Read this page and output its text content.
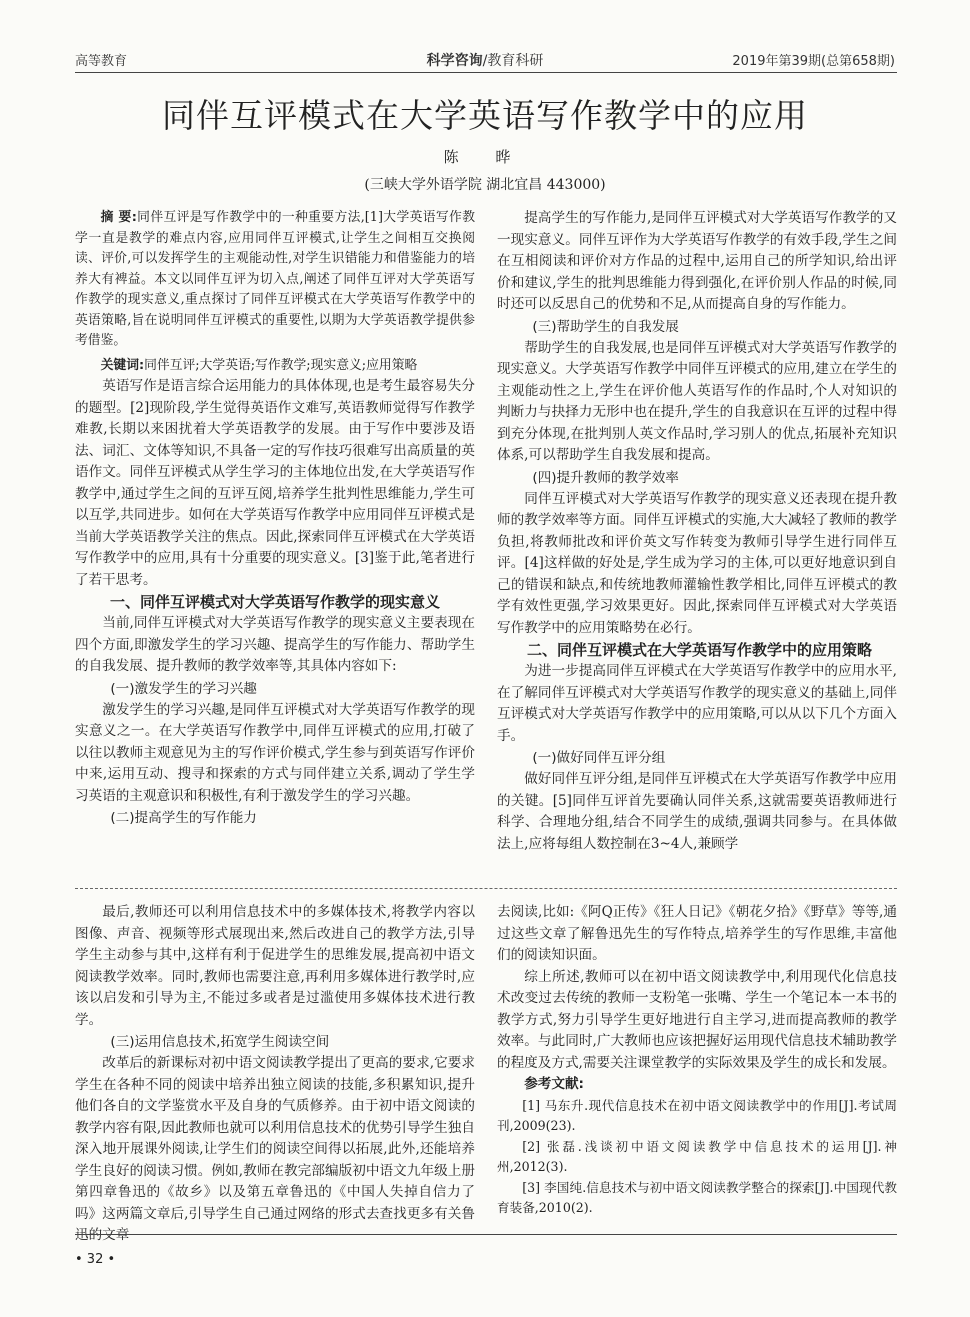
高等教育	科学咨询/教育科研	2019年第39期(总第658期)
同伴互评模式在大学英语写作教学中的应用
陈 晔
(三峡大学外语学院 湖北宜昌 443000)

摘 要:同伴互评是写作教学中的一种重要方法,[1]大学英语写作教学一直是教学的难点内容,应用同伴互评模式,让学生之间相互交换阅读、评价,可以发挥学生的主观能动性,对学生识错能力和借鉴能力的培养大有裨益。本文以同伴互评为切入点,阐述了同伴互评对大学英语写作教学的现实意义,重点探讨了同伴互评模式在大学英语写作教学中的英语策略,旨在说明同伴互评模式的重要性,以期为大学英语教学提供参考借鉴。

关键词:同伴互评;大学英语;写作教学;现实意义;应用策略

英语写作是语言综合运用能力的具体体现,也是考生最容易失分的题型。[2]现阶段,学生觉得英语作文难写,英语教师觉得写作教学难教,长期以来困扰着大学英语教学的发展。由于写作中要涉及语法、词汇、文体等知识,不具备一定的写作技巧很难写出高质量的英语作文。同伴互评模式从学生学习的主体地位出发,在大学英语写作教学中,通过学生之间的互评互阅,培养学生批判性思维能力,学生可以互学,共同进步。如何在大学英语写作教学中应用同伴互评模式是当前大学英语教学关注的焦点。因此,探索同伴互评模式在大学英语写作教学中的应用,具有十分重要的现实意义。[3]鉴于此,笔者进行了若干思考。

一、同伴互评模式对大学英语写作教学的现实意义

当前,同伴互评模式对大学英语写作教学的现实意义主要表现在四个方面,即激发学生的学习兴趣、提高学生的写作能力、帮助学生的自我发展、提升教师的教学效率等,其具体内容如下:

(一)激发学生的学习兴趣

激发学生的学习兴趣,是同伴互评模式对大学英语写作教学的现实意义之一。在大学英语写作教学中,同伴互评模式的应用,打破了以往以教师主观意见为主的写作评价模式,学生参与到英语写作评价中来,运用互动、搜寻和探索的方式与同伴建立关系,调动了学生学习英语的主观意识和积极性,有利于激发学生的学习兴趣。

(二)提高学生的写作能力

提高学生的写作能力,是同伴互评模式对大学英语写作教学的又一现实意义。同伴互评作为大学英语写作教学的有效手段,学生之间在互相阅读和评价对方作品的过程中,运用自己的所学知识,给出评价和建议,学生的批判思维能力得到强化,在评价别人作品的时候,同时还可以反思自己的优势和不足,从而提高自身的写作能力。

(三)帮助学生的自我发展

帮助学生的自我发展,也是同伴互评模式对大学英语写作教学的现实意义。大学英语写作教学中同伴互评模式的应用,建立在学生的主观能动性之上,学生在评价他人英语写作的作品时,个人对知识的判断力与抉择力无形中也在提升,学生的自我意识在互评的过程中得到充分体现,在批判别人英文作品时,学习别人的优点,拓展补充知识体系,可以帮助学生自我发展和提高。

(四)提升教师的教学效率

同伴互评模式对大学英语写作教学的现实意义还表现在提升教师的教学效率等方面。同伴互评模式的实施,大大减轻了教师的教学负担,将教师批改和评价英文写作转变为教师引导学生进行同伴互评。[4]这样做的好处是,学生成为学习的主体,可以更好地意识到自己的错误和缺点,和传统地教师灌输性教学相比,同伴互评模式的教学有效性更强,学习效果更好。因此,探索同伴互评模式对大学英语写作教学中的应用策略势在必行。

二、同伴互评模式在大学英语写作教学中的应用策略

为进一步提高同伴互评模式在大学英语写作教学中的应用水平,在了解同伴互评模式对大学英语写作教学的现实意义的基础上,同伴互评模式对大学英语写作教学中的应用策略,可以从以下几个方面入手。

(一)做好同伴互评分组

做好同伴互评分组,是同伴互评模式在大学英语写作教学中应用的关键。[5]同伴互评首先要确认同伴关系,这就需要英语教师进行科学、合理地分组,结合不同学生的成绩,强调共同参与。在具体做法上,应将每组人数控制在3~4人,兼顾学

最后,教师还可以利用信息技术中的多媒体技术,将教学内容以图像、声音、视频等形式展现出来,然后改进自己的教学方法,引导学生主动参与其中,这样有利于促进学生的思维发展,提高初中语文阅读教学效率。同时,教师也需要注意,再利用多媒体进行教学时,应该以启发和引导为主,不能过多或者是过滥使用多媒体技术进行教学。

(三)运用信息技术,拓宽学生阅读空间

改革后的新课标对初中语文阅读教学提出了更高的要求,它要求学生在各种不同的阅读中培养出独立阅读的技能,多积累知识,提升他们各自的文学鉴赏水平及自身的气质修养。由于初中语文阅读的教学内容有限,因此教师也就可以利用信息技术的优势引导学生独自深入地开展课外阅读,让学生们的阅读空间得以拓展,此外,还能培养学生良好的阅读习惯。例如,教师在教完部编版初中语文九年级上册第四章鲁迅的《故乡》以及第五章鲁迅的《中国人失掉自信力了吗》这两篇文章后,引导学生自己通过网络的形式去查找更多有关鲁迅的文章

去阅读,比如:《阿Q正传》《狂人日记》《朝花夕拾》《野草》等等,通过这些文章了解鲁迅先生的写作特点,培养学生的写作思维,丰富他们的阅读知识面。

综上所述,教师可以在初中语文阅读教学中,利用现代化信息技术改变过去传统的教师一支粉笔一张嘴、学生一个笔记本一本书的教学方式,努力引导学生更好地进行自主学习,进而提高教师的教学效率。与此同时,广大教师也应该把握好运用现代信息技术辅助教学的程度及方式,需要关注课堂教学的实际效果及学生的成长和发展。

参考文献:

[1] 马东升.现代信息技术在初中语文阅读教学中的作用[J].考试周刊,2009(23).

[2] 张磊.浅谈初中语文阅读教学中信息技术的运用[J].神州,2012(3).

[3] 李国纯.信息技术与初中语文阅读教学整合的探索[J].中国现代教育装备,2010(2).

• 32 •
